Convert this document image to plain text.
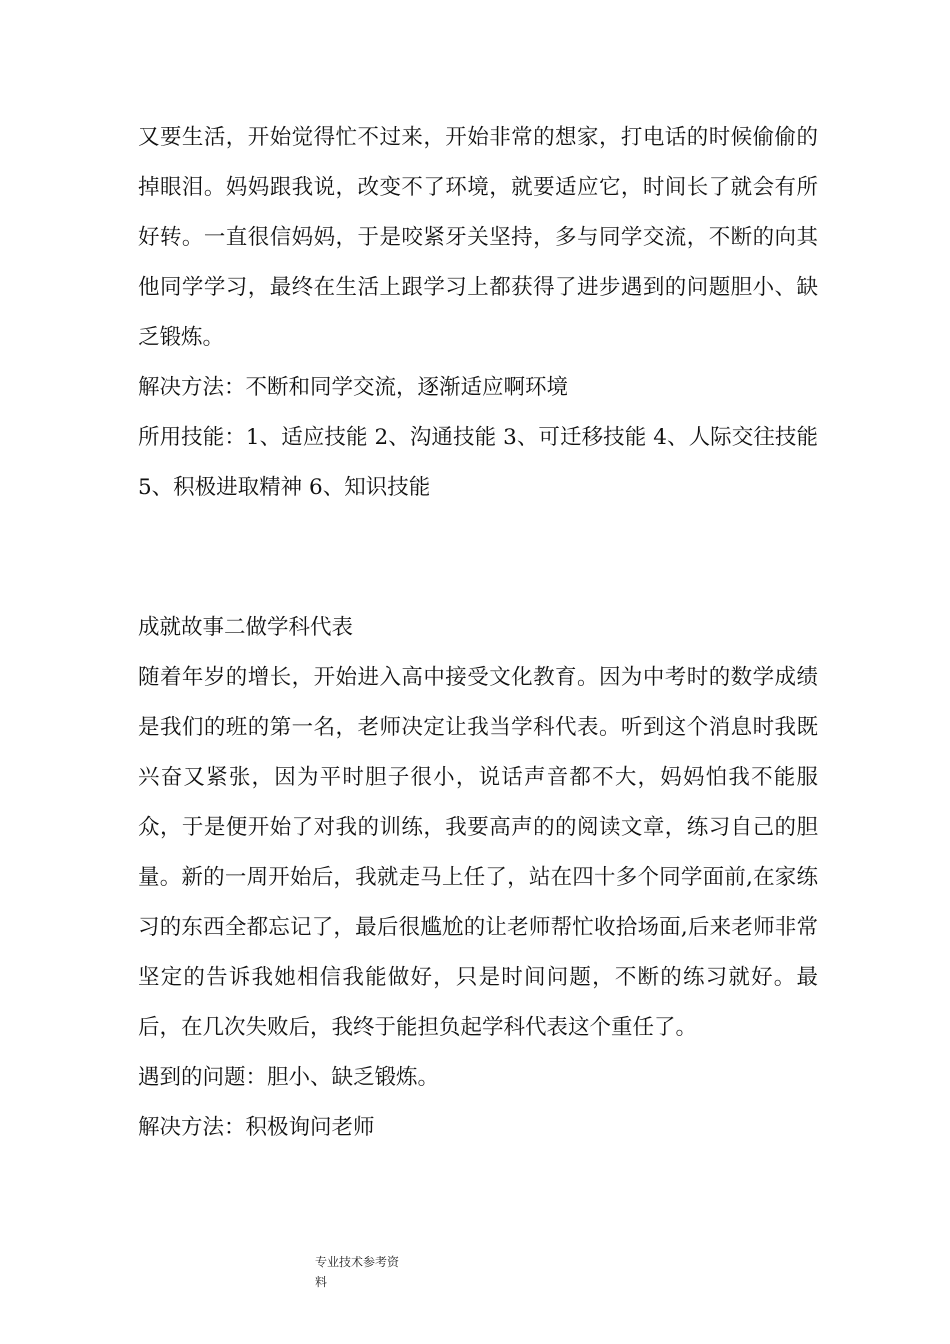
又要生活，开始觉得忙不过来，开始非常的想家，打电话的时候偷偷的掉眼泪。妈妈跟我说，改变不了环境，就要适应它，时间长了就会有所好转。一直很信妈妈，于是咬紧牙关坚持，多与同学交流，不断的向其他同学学习，最终在生活上跟学习上都获得了进步遇到的问题胆小、缺乏锻炼。

解决方法：不断和同学交流，逐渐适应啊环境

所用技能：1、适应技能 2、沟通技能 3、可迁移技能 4、人际交往技能 5、积极进取精神 6、知识技能

成就故事二做学科代表

随着年岁的增长，开始进入高中接受文化教育。因为中考时的数学成绩是我们的班的第一名，老师决定让我当学科代表。听到这个消息时我既兴奋又紧张，因为平时胆子很小，说话声音都不大，妈妈怕我不能服众，于是便开始了对我的训练，我要高声的的阅读文章，练习自己的胆量。新的一周开始后，我就走马上任了，站在四十多个同学面前,在家练习的东西全都忘记了，最后很尴尬的让老师帮忙收拾场面,后来老师非常坚定的告诉我她相信我能做好，只是时间问题，不断的练习就好。最后，在几次失败后，我终于能担负起学科代表这个重任了。

遇到的问题：胆小、缺乏锻炼。

解决方法：积极询问老师

专业技术参考资
料
